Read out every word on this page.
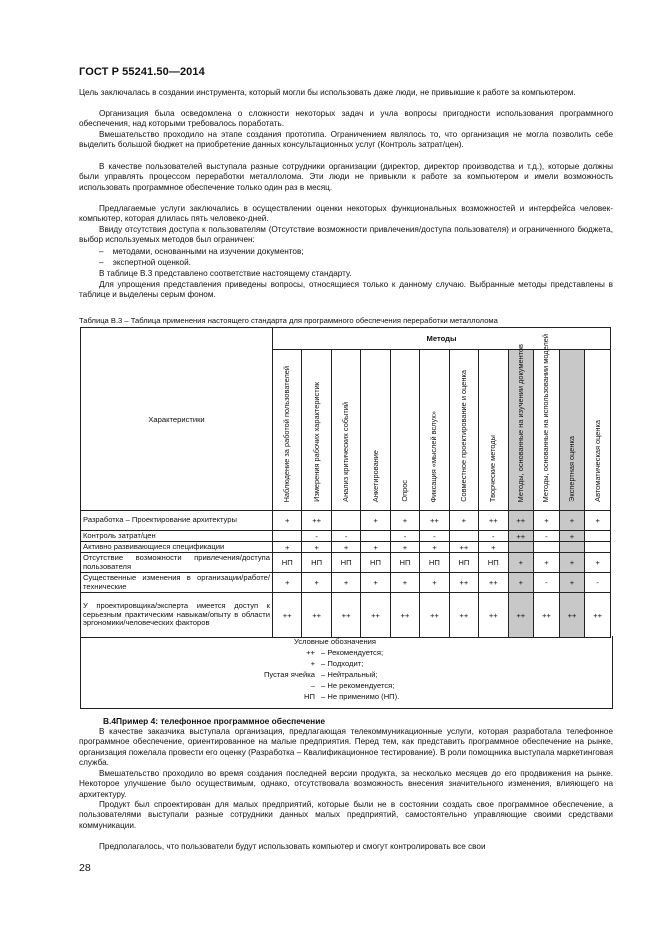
ГОСТ Р 55241.50—2014

Цель заключалась в создании инструмента, который могли бы использовать даже люди, не привыкшие к работе за компьютером.

Организация была осведомлена о сложности некоторых задач и учла вопросы пригодности использования программного обеспечения, над которыми требовалось поработать.

Вмешательство проходило на этапе создания прототипа. Ограничением являлось то, что организация не могла позволить себе выделить большой бюджет на приобретение данных консультационных услуг (Контроль затрат/цен).

В качестве пользователей выступала разные сотрудники организации (директор, директор производства и т.д.), которые должны были управлять процессом переработки металлолома. Эти люди не привыкли к работе за компьютером и имели возможность использовать программное обеспечение только один раз в месяц.

Предлагаемые услуги заключались в осуществлении оценки некоторых функциональных возможностей и интерфейса человек-компьютер, которая длилась пять человеко-дней.

Ввиду отсутствия доступа к пользователям (Отсутствие возможности привлечения/доступа пользователя) и ограниченного бюджета, выбор используемых методов был ограничен:

–    методами, основанными на изучении документов;
–    экспертной оценкой.

В таблице В.3 представлено соответствие настоящему стандарту.

Для упрощения представления приведены вопросы, относящиеся только к данному случаю. Выбранные методы представлены в таблице и выделены серым фоном.

Таблица В.3 – Таблица применения настоящего стандарта для программного обеспечения переработки металлолома
Характеристики	Методы											

	Наблюдение за работой пользователей	Измерения рабочих характеристик	Анализ критических событий	Анкетирование	Опрос	Фиксация «мыслей вслух»	Совместное проектирование и оценка	Творческие методы	Методы, основанные на изучении документов	Методы, основанные на использовании моделей	Экспертная оценка	Автоматическая оценка

Разработка – Проектирование архитектуры	+	++		+	+	++	+	++	++	+	+	+
Контроль затрат/цен		-	-		-	-		-	++	-	+	
Активно развивающиеся спецификации	+	+	+	+	+	+	++	+				
Отсутствие возможности привлечения/доступа пользователя	НП	НП	НП	НП	НП	НП	НП	НП	+	+	+	+
Существенные изменения в организации/работе/технические	+	+	+	+	+	+	++	++	+	-	+	-
У проектировщика/эксперта имеется доступ к серьезным практическим навыкам/опыту в области эргономики/человеческих факторов	++	++	++	++	++	++	++	++	++	++	++	++
Условные обозначения
++ – Рекомендуется;
+ – Подходит;
Пустая ячейка – Нейтральный;
– – Не рекомендуется;
НП – Не применимо (НП).
В.4Пример 4: телефонное программное обеспечение

В качестве заказчика выступала организация, предлагающая телекоммуникационные услуги, которая разработала телефонное программное обеспечение, ориентированное на малые предприятия. Перед тем, как представить программное обеспечение на рынке, организация пожелала провести его оценку (Разработка – Квалификационное тестирование). В роли помощника выступала маркетинговая служба.

Вмешательство проходило во время создания последней версии продукта, за несколько месяцев до его продвижения на рынке. Некоторое улучшение было осуществимым, однако, отсутствовала возможность внесения значительного изменения, влияющего на архитектуру.

Продукт был спроектирован для малых предприятий, которые были не в состоянии создать свое программное обеспечение, а пользователями выступали разные сотрудники данных малых предприятий, самостоятельно управляющие своими средствами коммуникации.

Предполагалось, что пользователи будут использовать компьютер и смогут контролировать все свои

28
